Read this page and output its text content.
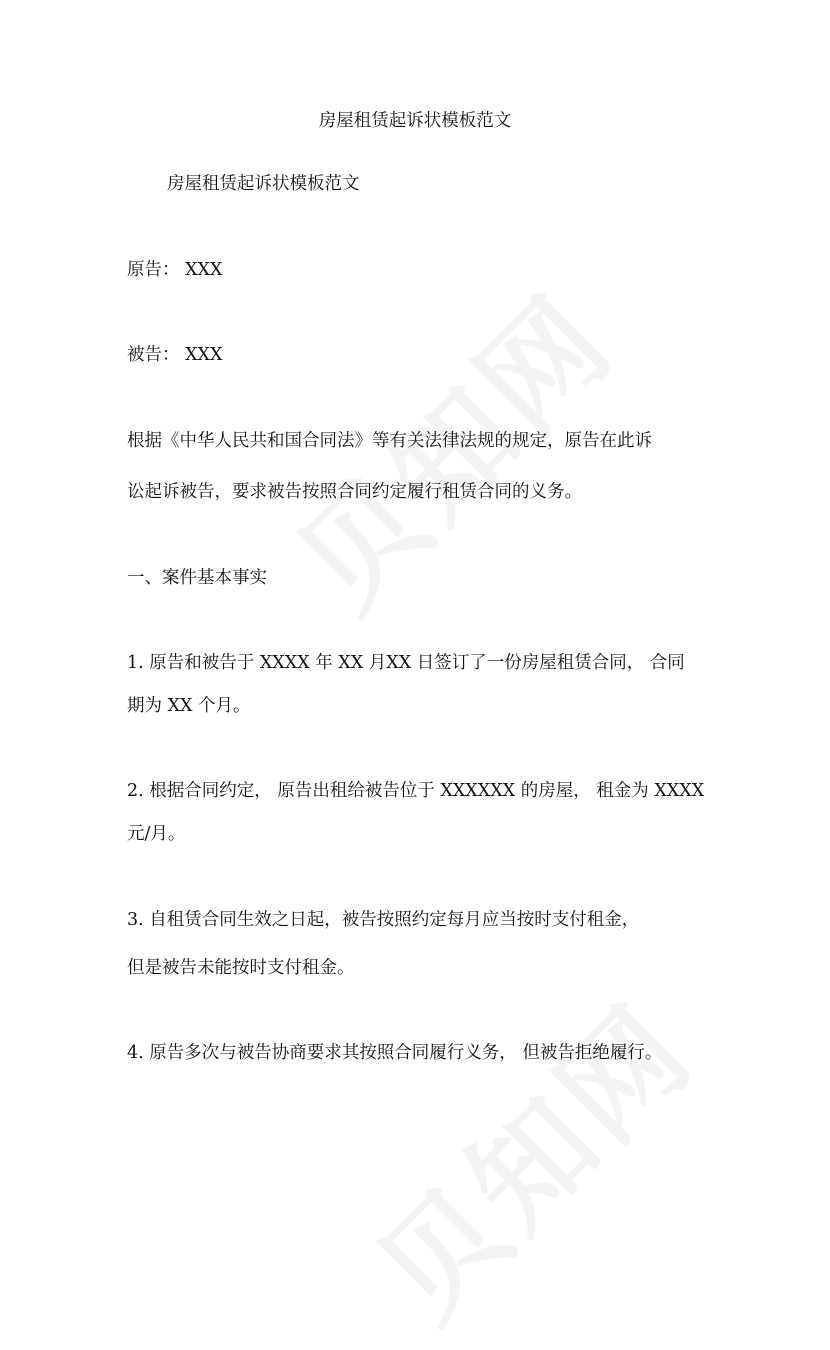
房屋租赁起诉状模板范文
房屋租赁起诉状模板范文
原告： XXX
被告： XXX
根据《中华人民共和国合同法》等有关法律法规的规定，原告在此诉
讼起诉被告，要求被告按照合同约定履行租赁合同的义务。
一、案件基本事实
1. 原告和被告于 XXXX 年 XX 月XX 日签订了一份房屋租赁合同， 合同
期为 XX 个月。
2. 根据合同约定， 原告出租给被告位于 XXXXXX 的房屋， 租金为 XXXX
元/月。
3. 自租赁合同生效之日起，被告按照约定每月应当按时支付租金，
但是被告未能按时支付租金。
4. 原告多次与被告协商要求其按照合同履行义务， 但被告拒绝履行。
